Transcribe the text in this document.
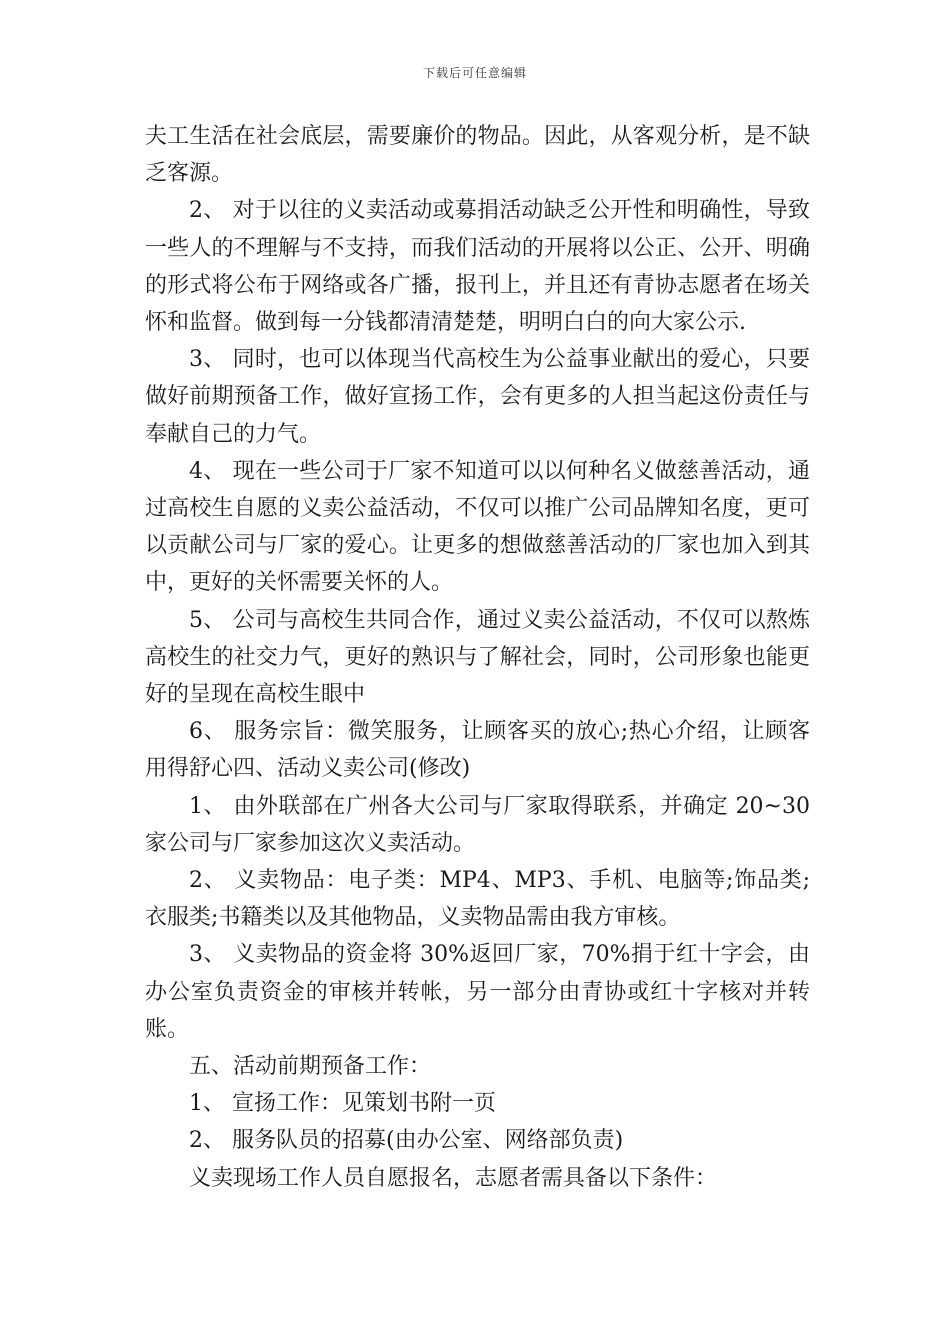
下载后可任意编辑

夫工生活在社会底层，需要廉价的物品。因此，从客观分析，是不缺乏客源。

2、 对于以往的义卖活动或募捐活动缺乏公开性和明确性，导致一些人的不理解与不支持，而我们活动的开展将以公正、公开、明确的形式将公布于网络或各广播，报刊上，并且还有青协志愿者在场关怀和监督。做到每一分钱都清清楚楚，明明白白的向大家公示.

3、 同时，也可以体现当代高校生为公益事业献出的爱心，只要做好前期预备工作，做好宣扬工作，会有更多的人担当起这份责任与奉献自己的力气。

4、 现在一些公司于厂家不知道可以以何种名义做慈善活动，通过高校生自愿的义卖公益活动，不仅可以推广公司品牌知名度，更可以贡献公司与厂家的爱心。让更多的想做慈善活动的厂家也加入到其中，更好的关怀需要关怀的人。

5、 公司与高校生共同合作，通过义卖公益活动，不仅可以熬炼高校生的社交力气，更好的熟识与了解社会，同时，公司形象也能更好的呈现在高校生眼中

6、 服务宗旨：微笑服务，让顾客买的放心;热心介绍，让顾客用得舒心四、活动义卖公司(修改)

1、 由外联部在广州各大公司与厂家取得联系，并确定 20~30 家公司与厂家参加这次义卖活动。

2、 义卖物品：电子类：MP4、MP3、手机、电脑等;饰品类;衣服类;书籍类以及其他物品，义卖物品需由我方审核。

3、 义卖物品的资金将 30%返回厂家，70%捐于红十字会，由办公室负责资金的审核并转帐，另一部分由青协或红十字核对并转账。

五、活动前期预备工作：

1、 宣扬工作：见策划书附一页

2、 服务队员的招募(由办公室、网络部负责)

义卖现场工作人员自愿报名，志愿者需具备以下条件：
